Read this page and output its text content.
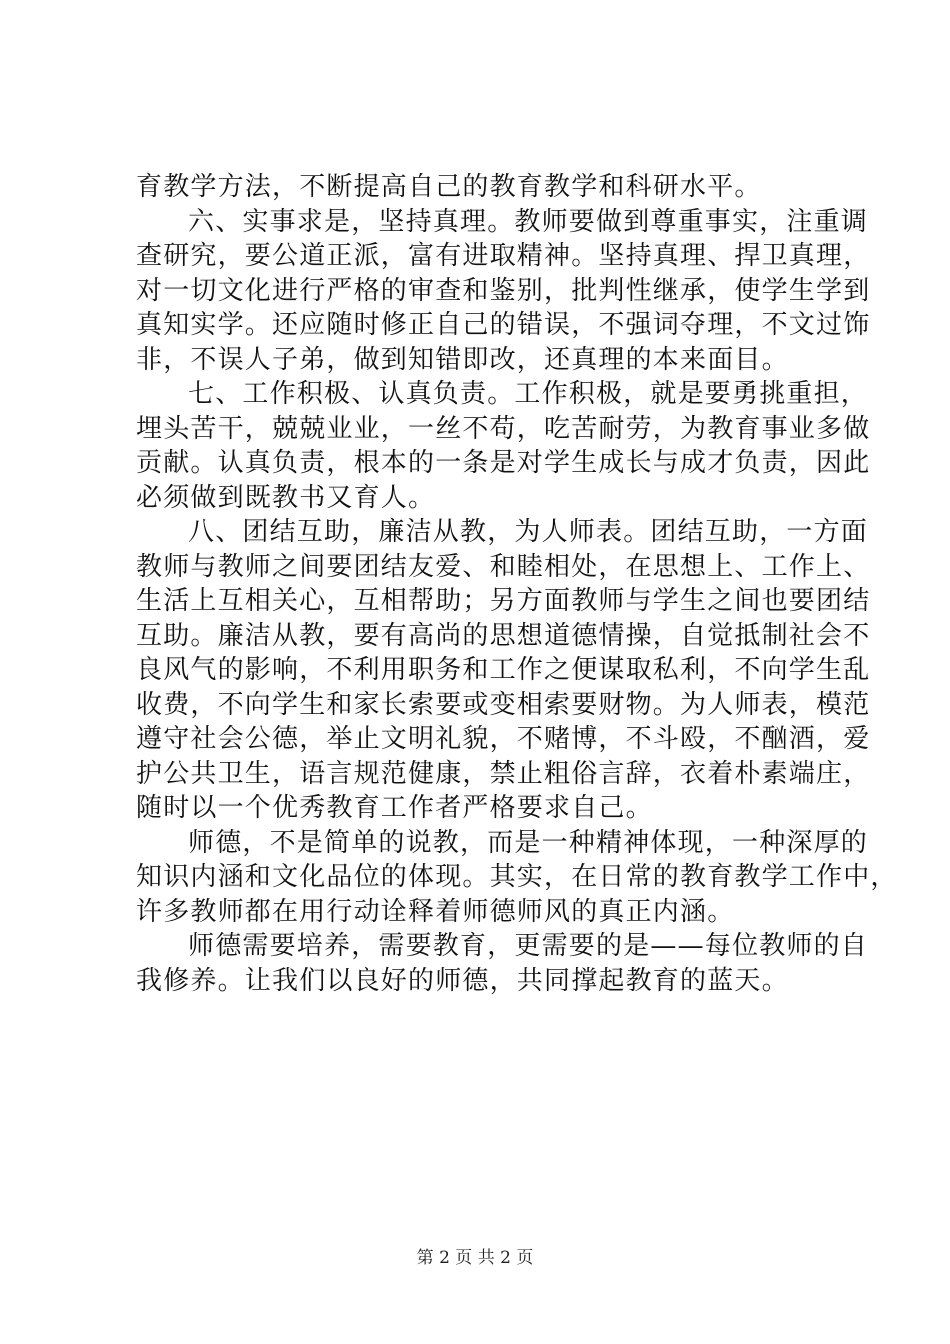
育教学方法，不断提高自己的教育教学和科研水平。

六、实事求是，坚持真理。教师要做到尊重事实，注重调
查研究，要公道正派，富有进取精神。坚持真理、捍卫真理，
对一切文化进行严格的审查和鉴别，批判性继承，使学生学到
真知实学。还应随时修正自己的错误，不强词夺理，不文过饰
非，不误人子弟，做到知错即改，还真理的本来面目。

七、工作积极、认真负责。工作积极，就是要勇挑重担，
埋头苦干，兢兢业业，一丝不苟，吃苦耐劳，为教育事业多做
贡献。认真负责，根本的一条是对学生成长与成才负责，因此
必须做到既教书又育人。

八、团结互助，廉洁从教，为人师表。团结互助，一方面
教师与教师之间要团结友爱、和睦相处，在思想上、工作上、
生活上互相关心，互相帮助；另方面教师与学生之间也要团结
互助。廉洁从教，要有高尚的思想道德情操，自觉抵制社会不
良风气的影响，不利用职务和工作之便谋取私利，不向学生乱
收费，不向学生和家长索要或变相索要财物。为人师表，模范
遵守社会公德，举止文明礼貌，不赌博，不斗殴，不酗酒，爱
护公共卫生，语言规范健康，禁止粗俗言辞，衣着朴素端庄，
随时以一个优秀教育工作者严格要求自己。

师德，不是简单的说教，而是一种精神体现，一种深厚的
知识内涵和文化品位的体现。其实，在日常的教育教学工作中，
许多教师都在用行动诠释着师德师风的真正内涵。

师德需要培养，需要教育，更需要的是——每位教师的自
我修养。让我们以良好的师德，共同撑起教育的蓝天。

第 2 页 共 2 页
